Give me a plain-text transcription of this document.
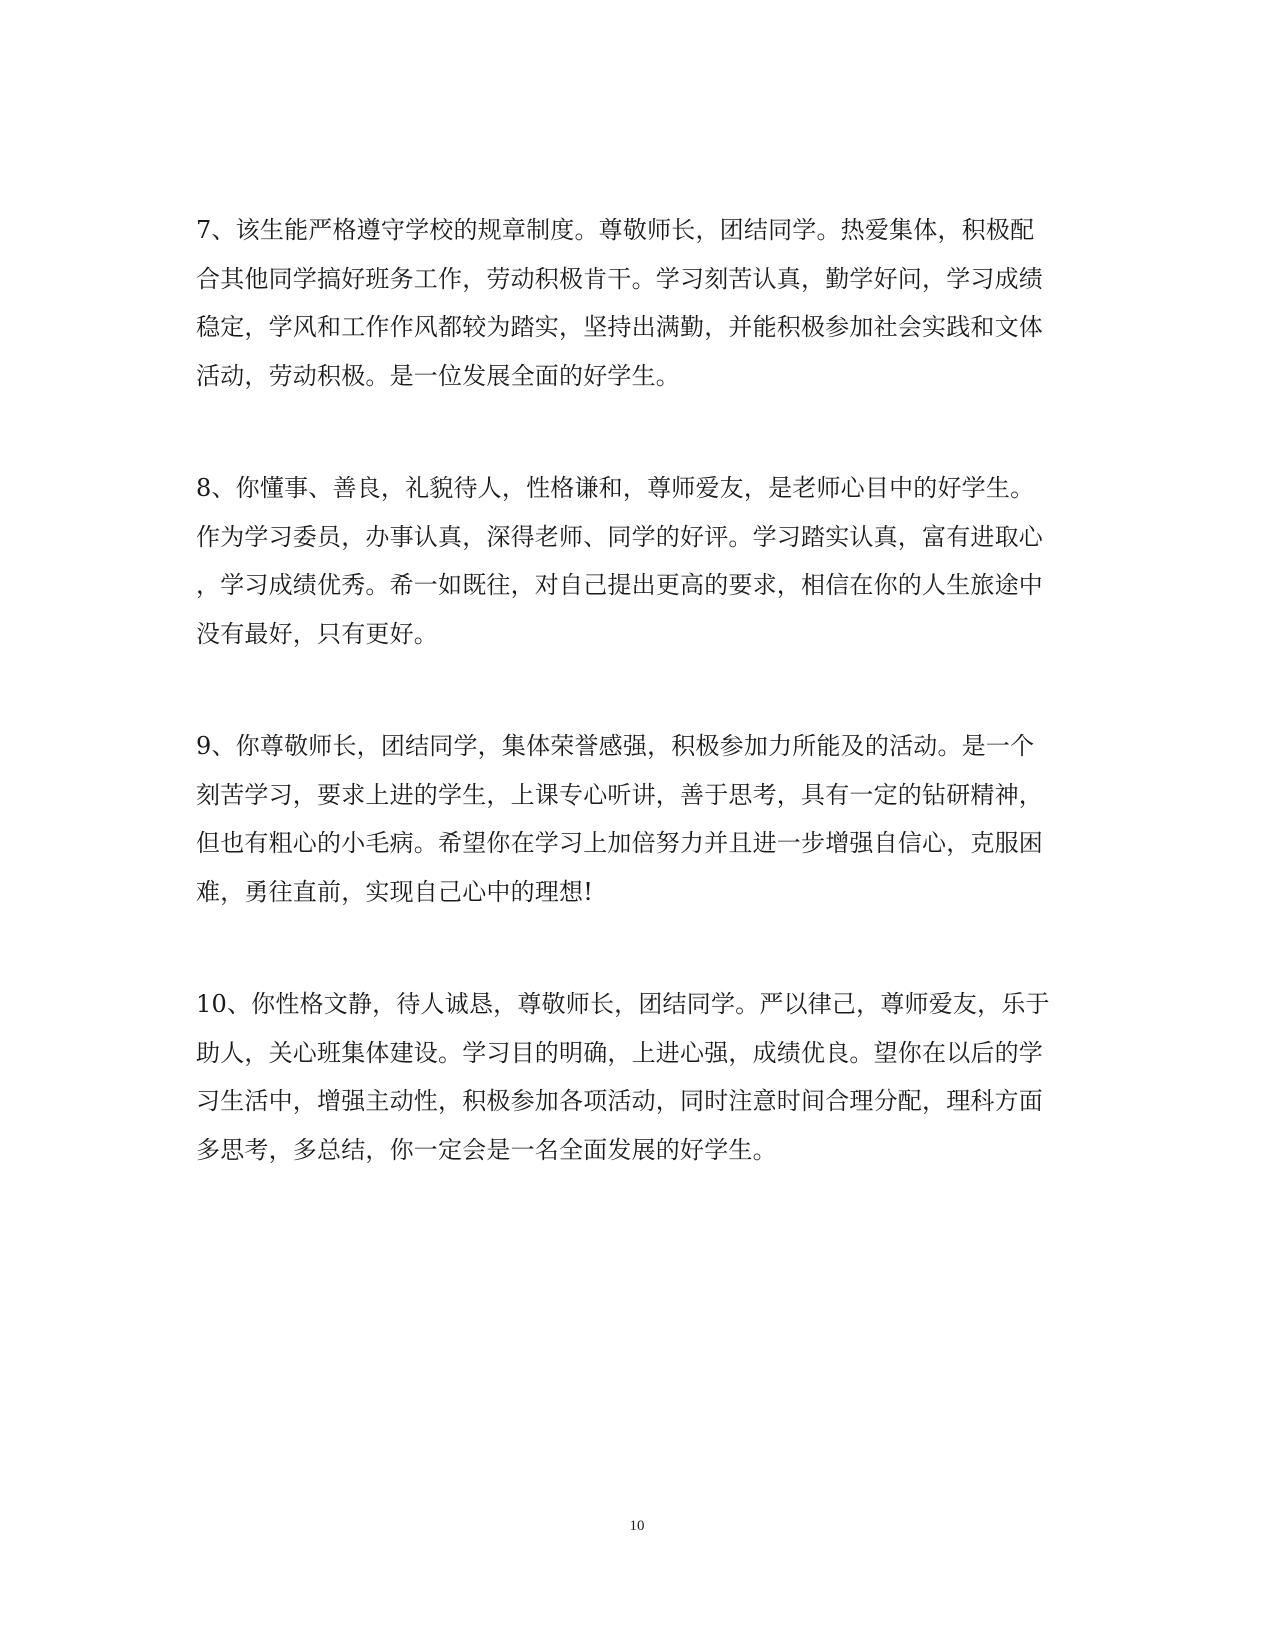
7、该生能严格遵守学校的规章制度。尊敬师长，团结同学。热爱集体，积极配
合其他同学搞好班务工作，劳动积极肯干。学习刻苦认真，勤学好问，学习成绩
稳定，学风和工作作风都较为踏实，坚持出满勤，并能积极参加社会实践和文体
活动，劳动积极。是一位发展全面的好学生。

8、你懂事、善良，礼貌待人，性格谦和，尊师爱友，是老师心目中的好学生。
作为学习委员，办事认真，深得老师、同学的好评。学习踏实认真，富有进取心
，学习成绩优秀。希一如既往，对自己提出更高的要求，相信在你的人生旅途中
没有最好，只有更好。

9、你尊敬师长，团结同学，集体荣誉感强，积极参加力所能及的活动。是一个
刻苦学习，要求上进的学生，上课专心听讲，善于思考，具有一定的钻研精神，
但也有粗心的小毛病。希望你在学习上加倍努力并且进一步增强自信心，克服困
难，勇往直前，实现自己心中的理想!

10、你性格文静，待人诚恳，尊敬师长，团结同学。严以律己，尊师爱友，乐于
助人，关心班集体建设。学习目的明确，上进心强，成绩优良。望你在以后的学
习生活中，增强主动性，积极参加各项活动，同时注意时间合理分配，理科方面
多思考，多总结，你一定会是一名全面发展的好学生。

10
